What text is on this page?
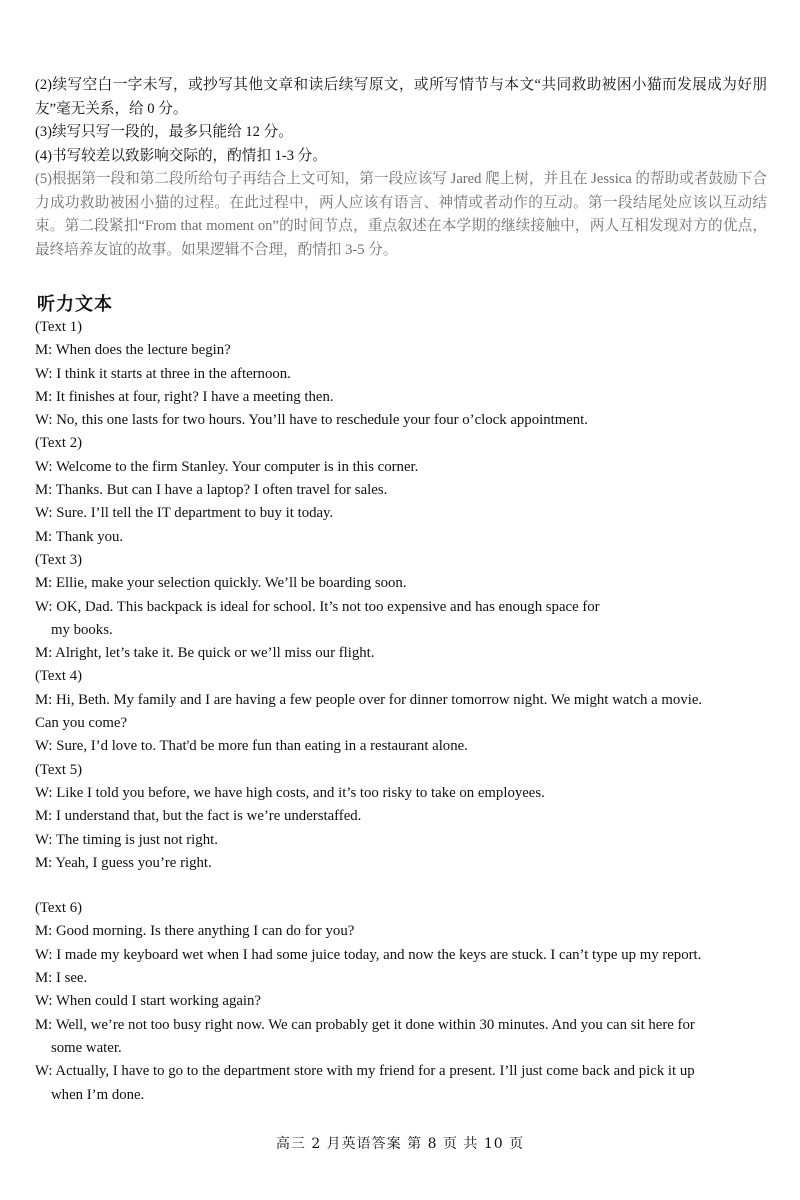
(2)续写空白一字未写，或抄写其他文章和读后续写原文，或所写情节与本文“共同救助被困小猫而发展成为好朋友”毫无关系，给 0 分。

(3)续写只写一段的，最多只能给 12 分。

(4)书写较差以致影响交际的，酌情扣 1-3 分。

(5)根据第一段和第二段所给句子再结合上文可知，第一段应该写 Jared 爬上树，并且在 Jessica 的帮助或者鼓励下合力成功救助被困小猫的过程。在此过程中，两人应该有语言、神情或者动作的互动。第一段结尾处应该以互动结束。第二段紧扣“From that moment on”的时间节点，重点叙述在本学期的继续接触中，两人互相发现对方的优点，最终培养友谊的故事。如果逻辑不合理，酌情扣 3-5 分。

听力文本

(Text 1)

M: When does the lecture begin?

W: I think it starts at three in the afternoon.

M: It finishes at four, right? I have a meeting then.

W: No, this one lasts for two hours. You’ll have to reschedule your four o’clock appointment.

(Text 2)

W: Welcome to the firm Stanley. Your computer is in this corner.

M: Thanks. But can I have a laptop? I often travel for sales.

W: Sure. I’ll tell the IT department to buy it today.

M: Thank you.

(Text 3)

M: Ellie, make your selection quickly. We’ll be boarding soon.

W: OK, Dad. This backpack is ideal for school. It’s not too expensive and has enough space for

my books.

M: Alright, let’s take it. Be quick or we’ll miss our flight.

(Text 4)

M: Hi, Beth. My family and I are having a few people over for dinner tomorrow night. We might watch a movie.

Can you come?

W: Sure, I’d love to. That'd be more fun than eating in a restaurant alone.

(Text 5)

W: Like I told you before, we have high costs, and it’s too risky to take on employees.

M: I understand that, but the fact is we’re understaffed.

W: The timing is just not right.

M: Yeah, I guess you’re right.

(Text 6)

M: Good morning. Is there anything I can do for you?

W: I made my keyboard wet when I had some juice today, and now the keys are stuck. I can’t type up my report.

M: I see.

W: When could I start working again?

M: Well, we’re not too busy right now. We can probably get it done within 30 minutes. And you can sit here for

some water.

W: Actually, I have to go to the department store with my friend for a present. I’ll just come back and pick it up

when I’m done.

高三 2 月英语答案 第 8 页 共 10 页
